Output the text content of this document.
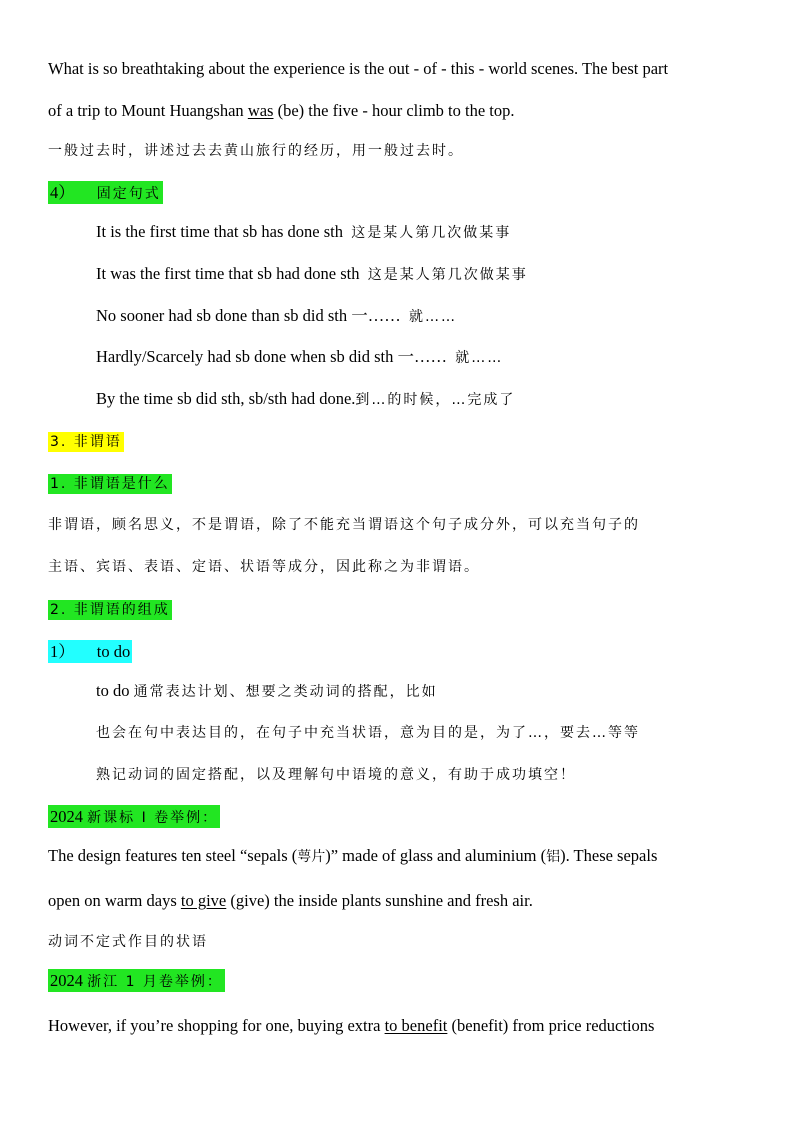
What is so breathtaking about the experience is the out - of - this - world scenes. The best part
of a trip to Mount Huangshan was (be) the five - hour climb to the top.
一般过去时，讲述过去去黄山旅行的经历，用一般过去时。
4） 固定句式
It is the first time that sb has done sth 这是某人第几次做某事
It was the first time that sb had done sth 这是某人第几次做某事
No sooner had sb done than sb did sth 一…… 就……
Hardly/Scarcely had sb done when sb did sth 一…… 就……
By the time sb did sth, sb/sth had done.到…的时候，…完成了
3. 非谓语
1. 非谓语是什么
非谓语，顾名思义，不是谓语，除了不能充当谓语这个句子成分外，可以充当句子的
主语、宾语、表语、定语、状语等成分，因此称之为非谓语。
2. 非谓语的组成
1） to do
to do 通常表达计划、想要之类动词的搭配，比如
也会在句中表达目的，在句子中充当状语，意为目的是，为了…，要去…等等
熟记动词的固定搭配，以及理解句中语境的意义，有助于成功填空！
2024 新课标 Ⅰ 卷举例：
The design features ten steel “sepals (萼片)” made of glass and aluminium (铝). These sepals
open on warm days to give (give) the inside plants sunshine and fresh air.
动词不定式作目的状语
2024 浙江 1 月卷举例：
However, if you’re shopping for one, buying extra to benefit (benefit) from price reductions
